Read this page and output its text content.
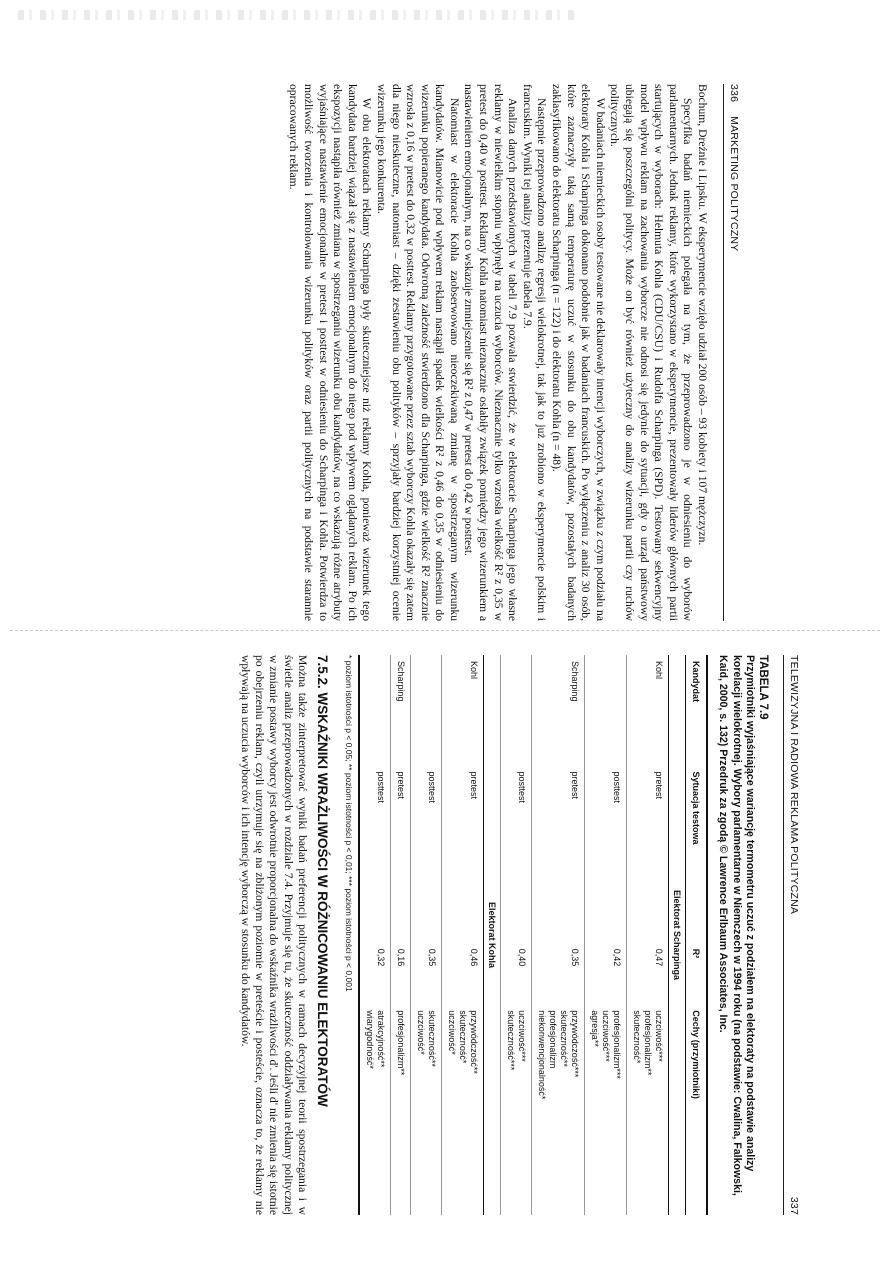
336
MARKETING POLITYCZNY

Bochum, Dreźnie i Lipsku. W eksperymencie wzięło udział 200 osób – 93 kobiety i 107 mężczyzn.

Specyfika badań niemieckich polegała na tym, że przeprowadzono je w odniesieniu do wyborów parlamentarnych. Jednak reklamy, które wykorzystano w eksperymencie, prezentowały liderów głównych partii startujących w wyborach: Helmuta Kohla (CDU/CSU) i Rudolfa Scharpinga (SPD). Testowany sekwencyjny model wpływu reklam na zachowania wyborcze nie odnosi się jedynie do sytuacji, gdy o urząd państwowy ubiegają się poszczególni politycy. Może on być również użyteczny do analizy wizerunku partii czy ruchów politycznych.

W badaniach niemieckich osoby testowane nie deklarowały intencji wyborczych, w związku z czym podziału na elektoraty Kohla i Scharpinga dokonano podobnie jak w badaniach francuskich. Po wyłączeniu z analiz 30 osób, które zaznaczyły taką samą temperaturę uczuć w stosunku do obu kandydatów, pozostałych badanych zaklasyfikowano do elektoratu Scharpinga (n = 122) i do elektoratu Kohla (n = 48).

Następnie przeprowadzono analizę regresji wielokrotnej, tak jak to już zrobiono w eksperymencie polskim i francuskim. Wyniki tej analizy prezentuje tabela 7.9.

Analiza danych przedstawionych w tabeli 7.9 pozwala stwierdzić, że w elektoracie Scharpinga jego własne reklamy w niewielkim stopniu wpłynęły na uczucia wyborców. Nieznacznie tylko wzrosła wielkość R² z 0,35 w pretest do 0,40 w posttest. Reklamy Kohla natomiast nieznacznie osłabiły związek pomiędzy jego wizerunkiem a nastawieniem emocjonalnym, na co wskazuje zmniejszenie się R² z 0,47 w pretest do 0,42 w posttest.

Natomiast w elektoracie Kohla zaobserwowano nieoczekiwaną zmianę w spostrzeganym wizerunku kandydatów. Mianowicie pod wpływem reklam nastąpił spadek wielkości R² z 0,46 do 0,35 w odniesieniu do wizerunku popieranego kandydata. Odwrotną zależność stwierdzono dla Scharpinga, gdzie wielkość R² znacznie wzrosła z 0,16 w pretest do 0,32 w posttest. Reklamy przygotowane przez sztab wyborczy Kohla okazały się zatem dla niego nieskuteczne, natomiast – dzięki zestawieniu obu polityków – sprzyjały bardziej korzystniej ocenie wizerunku jego konkurenta.

W obu elektoratach reklamy Scharpinga były skuteczniejsze niż reklamy Kohla, ponieważ wizerunek tego kandydata bardziej wiązał się z nastawieniem emocjonalnym do niego pod wpływem oglądanych reklam. Po ich ekspozycji nastąpiła również zmiana w spostrzeganiu wizerunku obu kandydatów, na co wskazują różne atrybuty wyjaśniające nastawienie emocjonalne w pretest i posttest w odniesieniu do Scharpinga i Kohla. Potwierdza to możliwość tworzenia i kontrolowania wizerunku polityków oraz partii politycznych na podstawie starannie opracowanych reklam.

TELEWIZYJNA I RADIOWA REKLAMA POLITYCZNA
337
TABELA 7.9
Przymiotniki wyjaśniające wariancję termometru uczuć z podziałem na elektoraty na podstawie analizy korelacji wielokrotnej. Wybory parlamentarne w Niemczech w 1994 roku (na podstawie: Cwalina, Falkowski, Kaid, 2000, s. 132) Przedruk za zgodą © Lawrence Erlbaum Associates, Inc.
Kandydat	Sytuacja testowa	R²	Cechy (przymiotniki)
Elektorat Scharpinga			
Kohl	pretest	0,47	uczciwość***
profesjonalizm**
skuteczność*

	posttest	0,42	profesjonalizm***
uczciwość***
agresja**

Scharping	pretest	0,35	przywódczość***
skuteczność**
profesjonalizm
niekonwencjonalność*

	posttest	0,40	uczciwość***
skuteczność***

Elektorat Kohla			
Kohl	pretest	0,46	przywódczość**
skuteczność*
uczciwość*

	posttest	0,35	skuteczność**
uczciwość*

Scharping	pretest	0,16	profesjonalizm**

	posttest	0,32	atrakcyjność**
wiarygodność*
* poziom istotności p < 0,05; ** poziom istotności p < 0,01; *** poziom istotności p < 0,001
7.5.2. WSKAŹNIKI WRAŻLIWOŚCI W RÓŻNICOWANIU ELEKTORATÓW

Można także zinterpretować wyniki badań preferencji politycznych w ramach decyzyjnej teorii spostrzegania i w świetle analiz przeprowadzonych w rozdziale 7.4. Przyjmuje się tu, że skuteczność oddziaływania reklamy politycznej w zmianie postawy wyborcy jest odwrotnie proporcjonalna do wskaźnika wrażliwości d'. Jeśli d' nie zmienia się istotnie po obejrzeniu reklam, czyli utrzymuje się na zbliżonym poziomie w preteście i posteście, oznacza to, że reklamy nie wpływają na uczucia wyborców i ich intencję wyborczą w stosunku do kandydatów.
